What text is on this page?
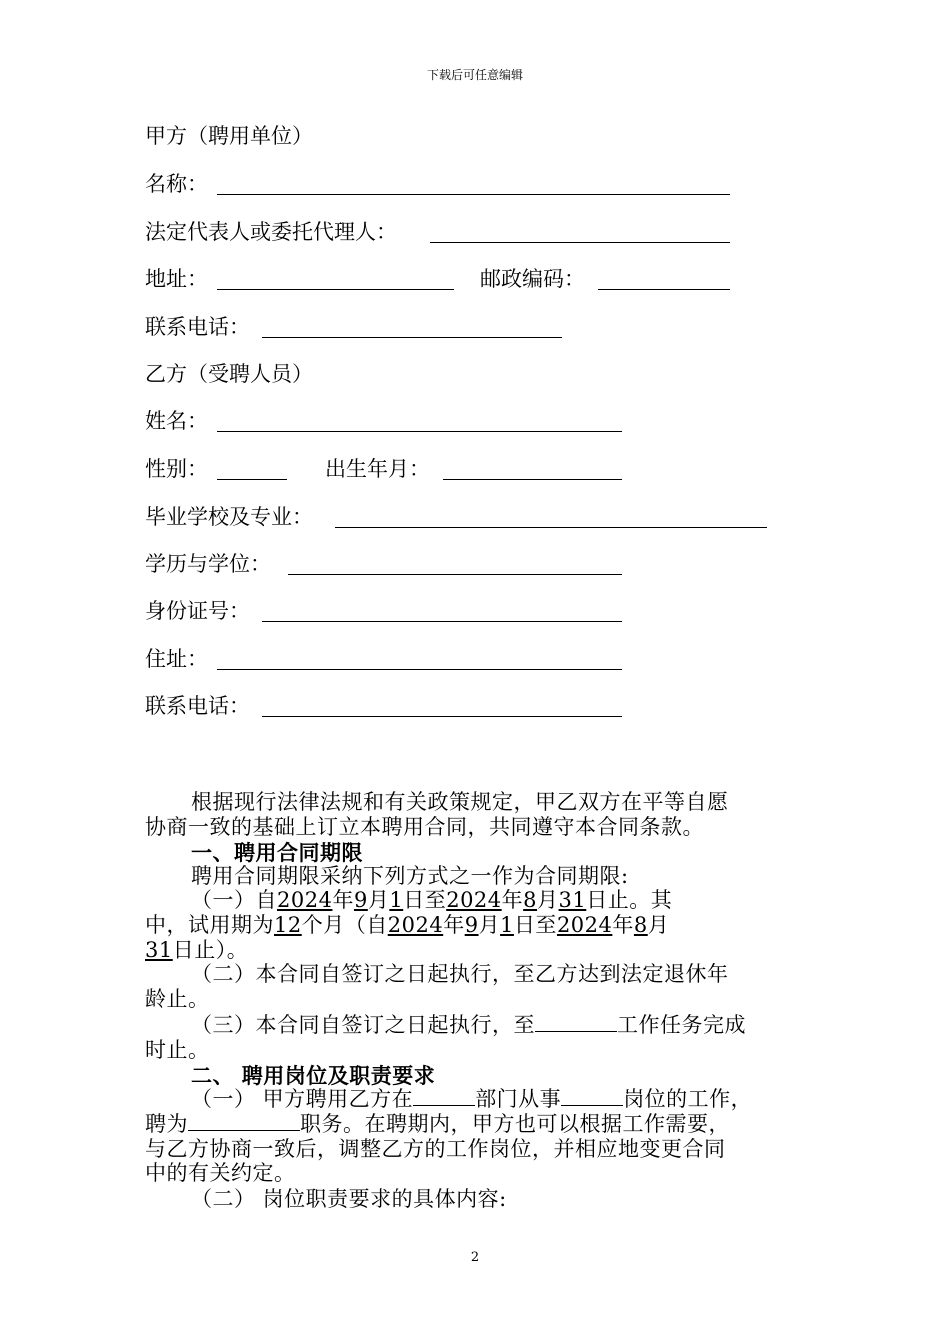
下载后可任意编辑
甲方（聘用单位）
名称：
法定代表人或委托代理人：
地址：	邮政编码：
联系电话：
乙方（受聘人员）
姓名：
性别：	出生年月：
毕业学校及专业：
学历与学位：
身份证号：
住址：
联系电话：
根据现行法律法规和有关政策规定，甲乙双方在平等自愿
协商一致的基础上订立本聘用合同，共同遵守本合同条款。
一、聘用合同期限
聘用合同期限采纳下列方式之一作为合同期限:
（一）自2024年9月1日至2024年8月31日止。其
中，试用期为12个月（自2024年9月1日至2024年8月
31日止）。
（二）本合同自签订之日起执行，至乙方达到法定退休年
龄止。
（三）本合同自签订之日起执行，至	工作任务完成
时止。
二、 聘用岗位及职责要求
（一） 甲方聘用乙方在	部门从事	岗位的工作，
聘为	职务。在聘期内，甲方也可以根据工作需要，
与乙方协商一致后，调整乙方的工作岗位，并相应地变更合同
中的有关约定。
（二） 岗位职责要求的具体内容:
2
